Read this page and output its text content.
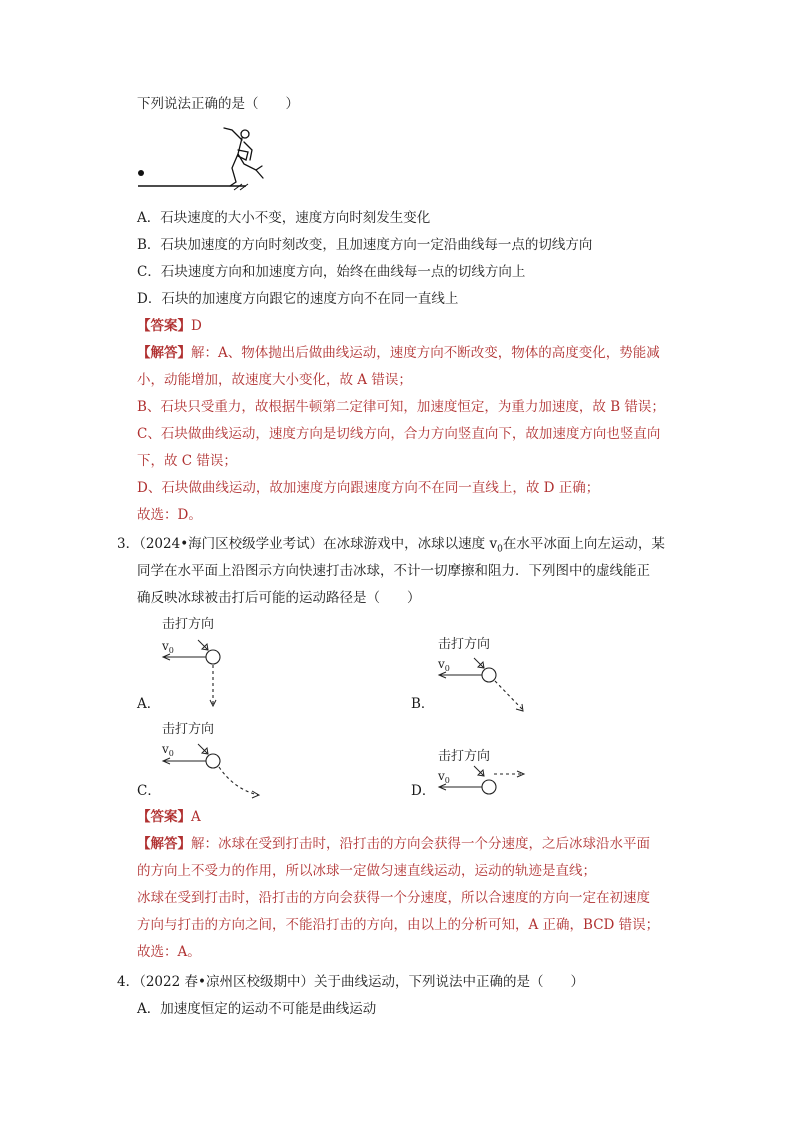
下列说法正确的是（　　）
A．石块速度的大小不变，速度方向时刻发生变化
B．石块加速度的方向时刻改变，且加速度方向一定沿曲线每一点的切线方向
C．石块速度方向和加速度方向，始终在曲线每一点的切线方向上
D．石块的加速度方向跟它的速度方向不在同一直线上
【答案】D
【解答】解：A、物体抛出后做曲线运动，速度方向不断改变，物体的高度变化，势能减
小，动能增加，故速度大小变化，故 A 错误；
B、石块只受重力，故根据牛顿第二定律可知，加速度恒定，为重力加速度，故 B 错误；
C、石块做曲线运动，速度方向是切线方向，合力方向竖直向下，故加速度方向也竖直向
下，故 C 错误；
D、石块做曲线运动，故加速度方向跟速度方向不在同一直线上，故 D 正确；
故选：D。
3．（2024•海门区校级学业考试）在冰球游戏中，冰球以速度 $v_0$在水平冰面上向左运动，某
同学在水平面上沿图示方向快速打击冰球，不计一切摩擦和阻力．下列图中的虚线能正
确反映冰球被击打后可能的运动路径是（　　）
击打方向
$v_0$
A．
击打方向
$v_0$
B．
击打方向
$v_0$
C．
击打方向
$v_0$
D．
【答案】A
【解答】解：冰球在受到打击时，沿打击的方向会获得一个分速度，之后冰球沿水平面
的方向上不受力的作用，所以冰球一定做匀速直线运动，运动的轨迹是直线；
冰球在受到打击时，沿打击的方向会获得一个分速度，所以合速度的方向一定在初速度
方向与打击的方向之间，不能沿打击的方向，由以上的分析可知，A 正确，BCD 错误；
故选：A。
4．（2022 春•凉州区校级期中）关于曲线运动，下列说法中正确的是（　　）
A．加速度恒定的运动不可能是曲线运动
